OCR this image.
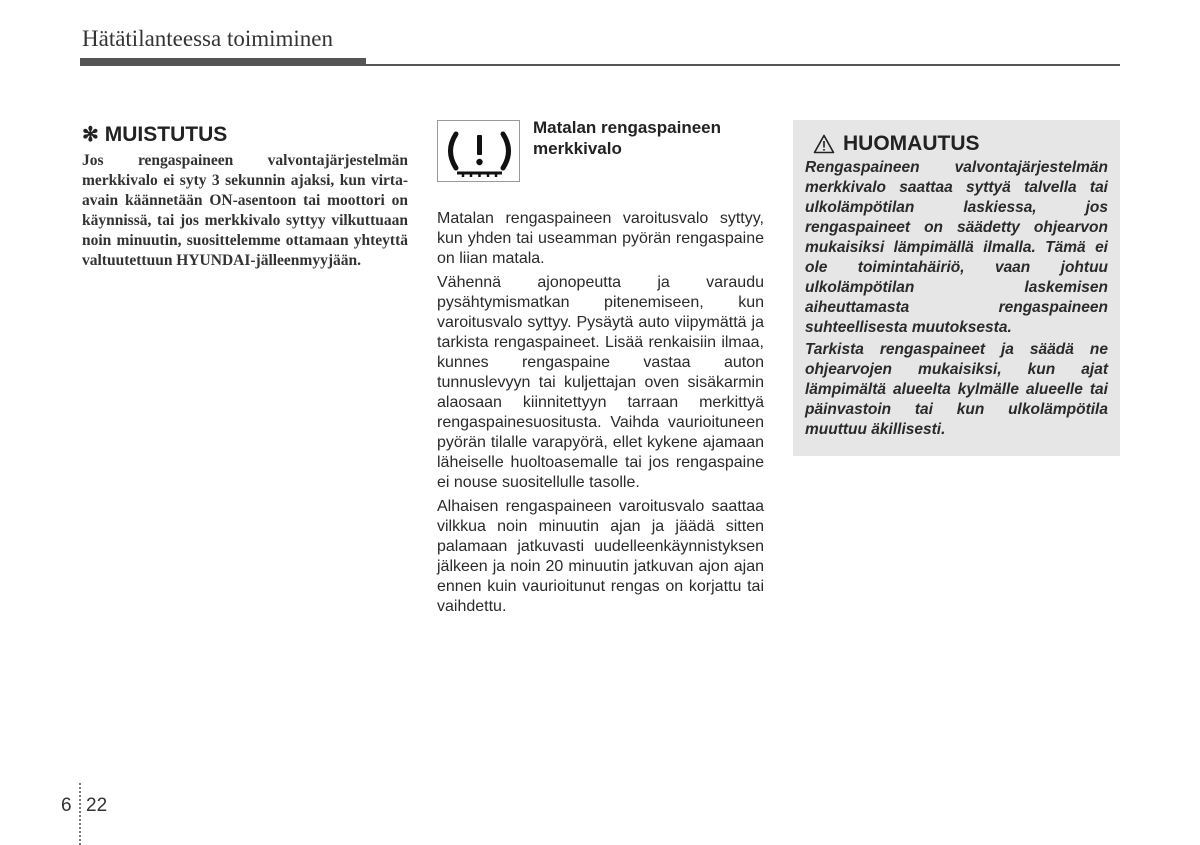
Hätätilanteessa toimiminen
✻ MUISTUTUS
Jos rengaspaineen valvontajärjestelmän merkkivalo ei syty 3 sekunnin ajaksi, kun virta-avain käännetään ON-asentoon tai moottori on käynnissä, tai jos merkkivalo syttyy vilkuttuaan noin minuutin, suosittelemme ottamaan yhteyttä valtuutettuun HYUNDAI-jälleenmyyjään.
Matalan rengaspaineen merkkivalo

Matalan rengaspaineen varoitusvalo syttyy, kun yhden tai useamman pyörän rengaspaine on liian matala.

Vähennä ajonopeutta ja varaudu pysähtymismatkan pitenemiseen, kun varoitusvalo syttyy. Pysäytä auto viipymättä ja tarkista rengaspaineet. Lisää renkaisiin ilmaa, kunnes rengaspaine vastaa auton tunnuslevyyn tai kuljettajan oven sisäkarmin alaosaan kiinnitettyyn tarraan merkittyä rengaspainesuositusta. Vaihda vaurioituneen pyörän tilalle varapyörä, ellet kykene ajamaan läheiselle huoltoasemalle tai jos rengaspaine ei nouse suositellulle tasolle.

Alhaisen rengaspaineen varoitusvalo saattaa vilkkua noin minuutin ajan ja jäädä sitten palamaan jatkuvasti uudelleenkäynnistyksen jälkeen ja noin 20 minuutin jatkuvan ajon ajan ennen kuin vaurioitunut rengas on korjattu tai vaihdettu.

HUOMAUTUS

Rengaspaineen valvontajärjestelmän merkkivalo saattaa syttyä talvella tai ulkolämpötilan laskiessa, jos rengaspaineet on säädetty ohjearvon mukaisiksi lämpimällä ilmalla. Tämä ei ole toimintahäiriö, vaan johtuu ulkolämpötilan laskemisen aiheuttamasta rengaspaineen suhteellisesta muutoksesta.

Tarkista rengaspaineet ja säädä ne ohjearvojen mukaisiksi, kun ajat lämpimältä alueelta kylmälle alueelle tai päinvastoin tai kun ulkolämpötila muuttuu äkillisesti.

6 22
